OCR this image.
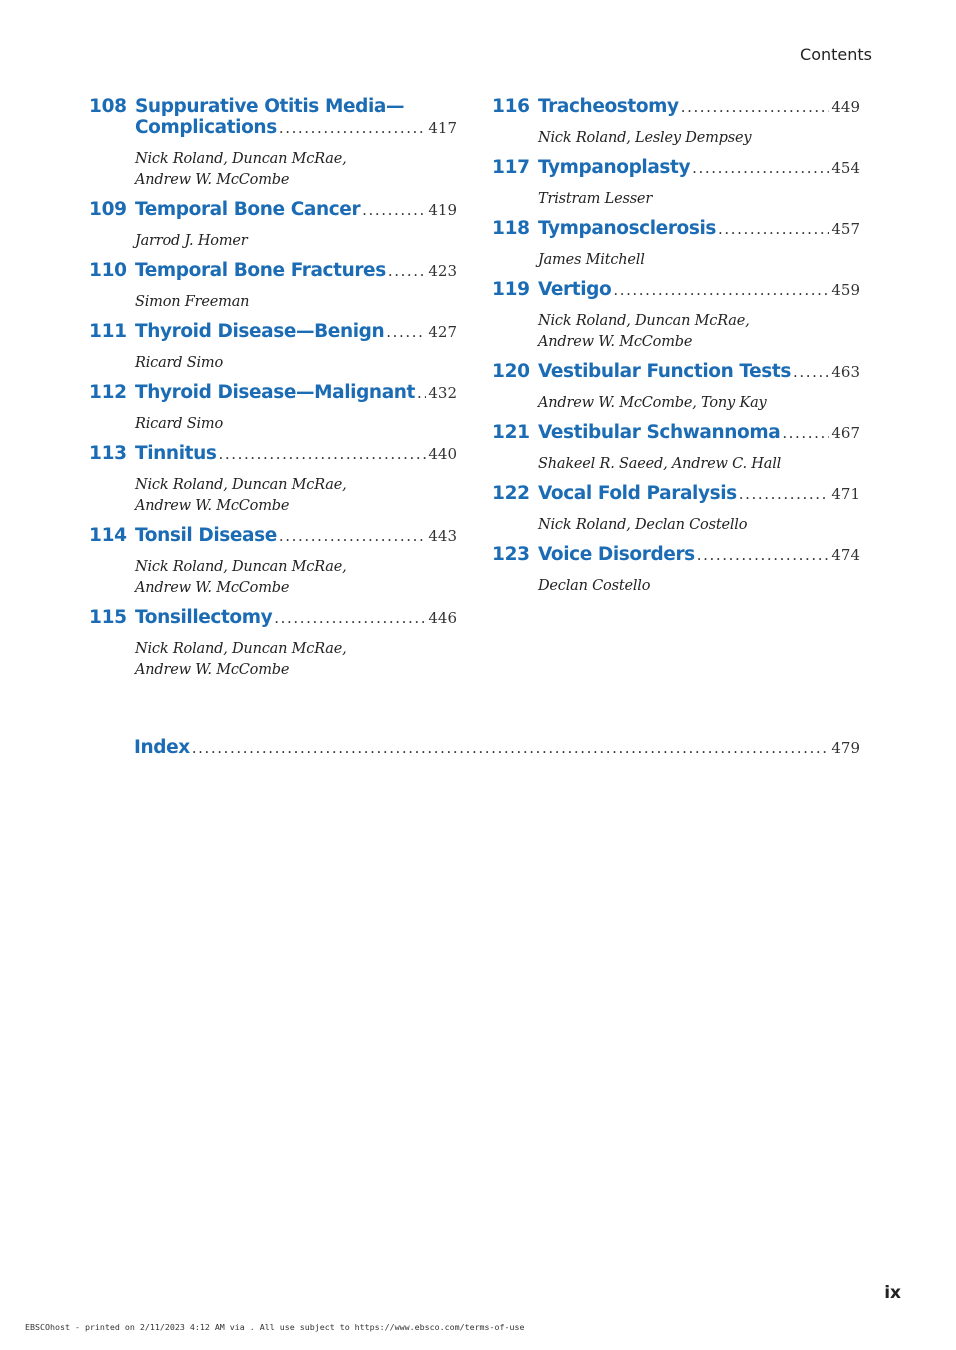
Contents
108 Suppurative Otitis Media—
Complications .....	417
Nick Roland, Duncan McRae,
Andrew W. McCombe
109 Temporal Bone Cancer .....	419
Jarrod J. Homer
110 Temporal Bone Fractures .....	423
Simon Freeman
111 Thyroid Disease—Benign .....	427
Ricard Simo
112 Thyroid Disease—Malignant ..... 432
Ricard Simo
113 Tinnitus .....	440
Nick Roland, Duncan McRae,
Andrew W. McCombe
114 Tonsil Disease .....	443
Nick Roland, Duncan McRae,
Andrew W. McCombe
115 Tonsillectomy .....	446
Nick Roland, Duncan McRae,
Andrew W. McCombe
116 Tracheostomy .....	449
Nick Roland, Lesley Dempsey
117 Tympanoplasty .....	454
Tristram Lesser
118 Tympanosclerosis .....	457
James Mitchell
119 Vertigo .....	459
Nick Roland, Duncan McRae,
Andrew W. McCombe
120 Vestibular Function Tests .....	463
Andrew W. McCombe, Tony Kay
121 Vestibular Schwannoma .....	467
Shakeel R. Saeed, Andrew C. Hall
122 Vocal Fold Paralysis .....	471
Nick Roland, Declan Costello
123 Voice Disorders .....	474
Declan Costello
Index .....	479
ix
EBSCOhost - printed on 2/11/2023 4:12 AM via . All use subject to https://www.ebsco.com/terms-of-use
